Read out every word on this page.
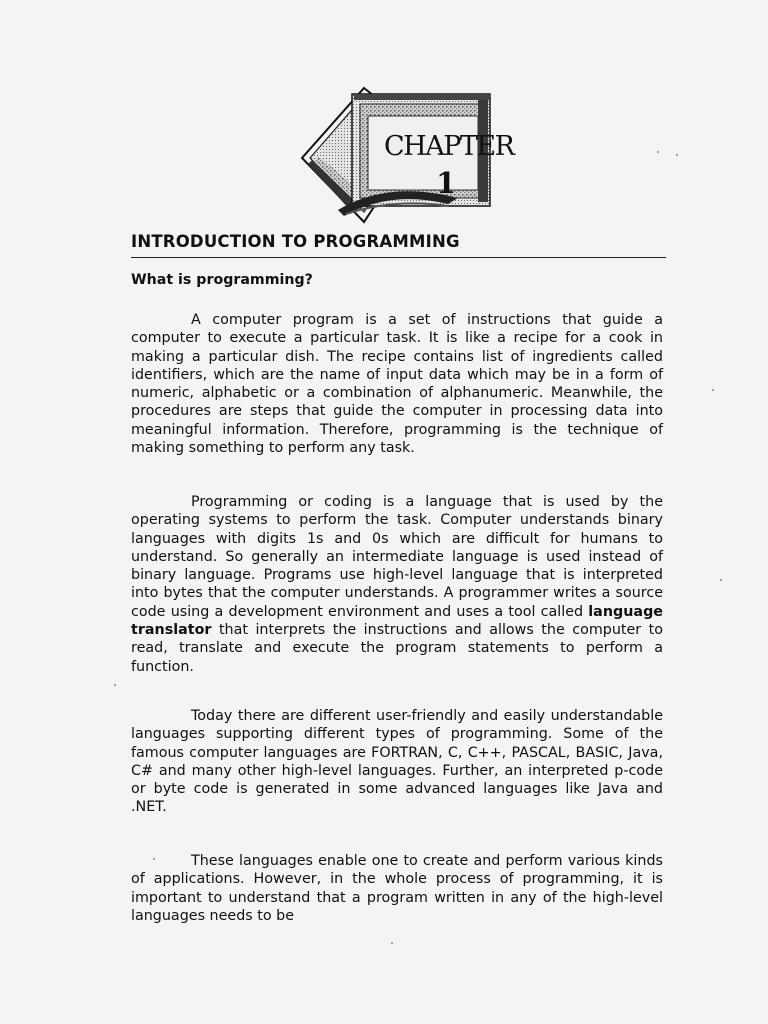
CHAPTER
1
INTRODUCTION TO PROGRAMMING
What is programming?

A computer program is a set of instructions that guide a computer to execute a particular task. It is like a recipe for a cook in making a particular dish. The recipe contains list of ingredients called identifiers, which are the name of input data which may be in a form of numeric, alphabetic or a combination of alphanumeric. Meanwhile, the procedures are steps that guide the computer in processing data into meaningful information. Therefore, programming is the technique of making something to perform any task.

Programming or coding is a language that is used by the operating systems to perform the task. Computer understands binary languages with digits 1s and 0s which are difficult for humans to understand. So generally an intermediate language is used instead of binary language. Programs use high-level language that is interpreted into bytes that the computer understands. A programmer writes a source code using a development environment and uses a tool called language translator that interprets the instructions and allows the computer to read, translate and execute the program statements to perform a function.

Today there are different user-friendly and easily understandable languages supporting different types of programming. Some of the famous computer languages are FORTRAN, C, C++, PASCAL, BASIC, Java, C# and many other high-level languages. Further, an interpreted p-code or byte code is generated in some advanced languages like Java and .NET.

These languages enable one to create and perform various kinds of applications. However, in the whole process of programming, it is important to understand that a program written in any of the high-level languages needs to be
